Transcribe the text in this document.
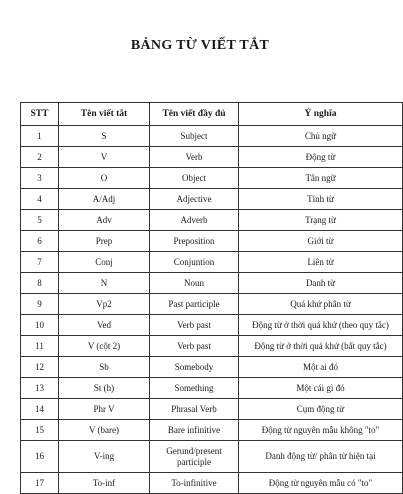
BẢNG TỪ VIẾT TẮT
STT	Tên viết tắt	Tên viết đầy đủ	Ý nghĩa
1	S	Subject	Chủ ngữ
2	V	Verb	Động từ
3	O	Object	Tân ngữ
4	A/Adj	Adjective	Tính từ
5	Adv	Adverb	Trạng từ
6	Prep	Preposition	Giới từ
7	Conj	Conjuntion	Liên từ
8	N	Noun	Danh từ
9	Vp2	Past participle	Quá khứ phân từ
10	Ved	Verb past	Động từ ở thời quá khứ (theo quy tắc)
11	V (cột 2)	Verb past	Động từ ở thời quá khứ (bất quy tắc)
12	Sb	Somebody	Một ai đó
13	St (h)	Something	Một cái gì đó
14	Phr V	Phrasal Verb	Cụm động từ
15	V (bare)	Bare infinitive	Động từ nguyên mẫu không "to"
16	V-ing	Gerund/present participle	Danh động từ/ phân từ hiện tại
17	To-inf	To-infinitive	Động từ nguyên mẫu có "to"
